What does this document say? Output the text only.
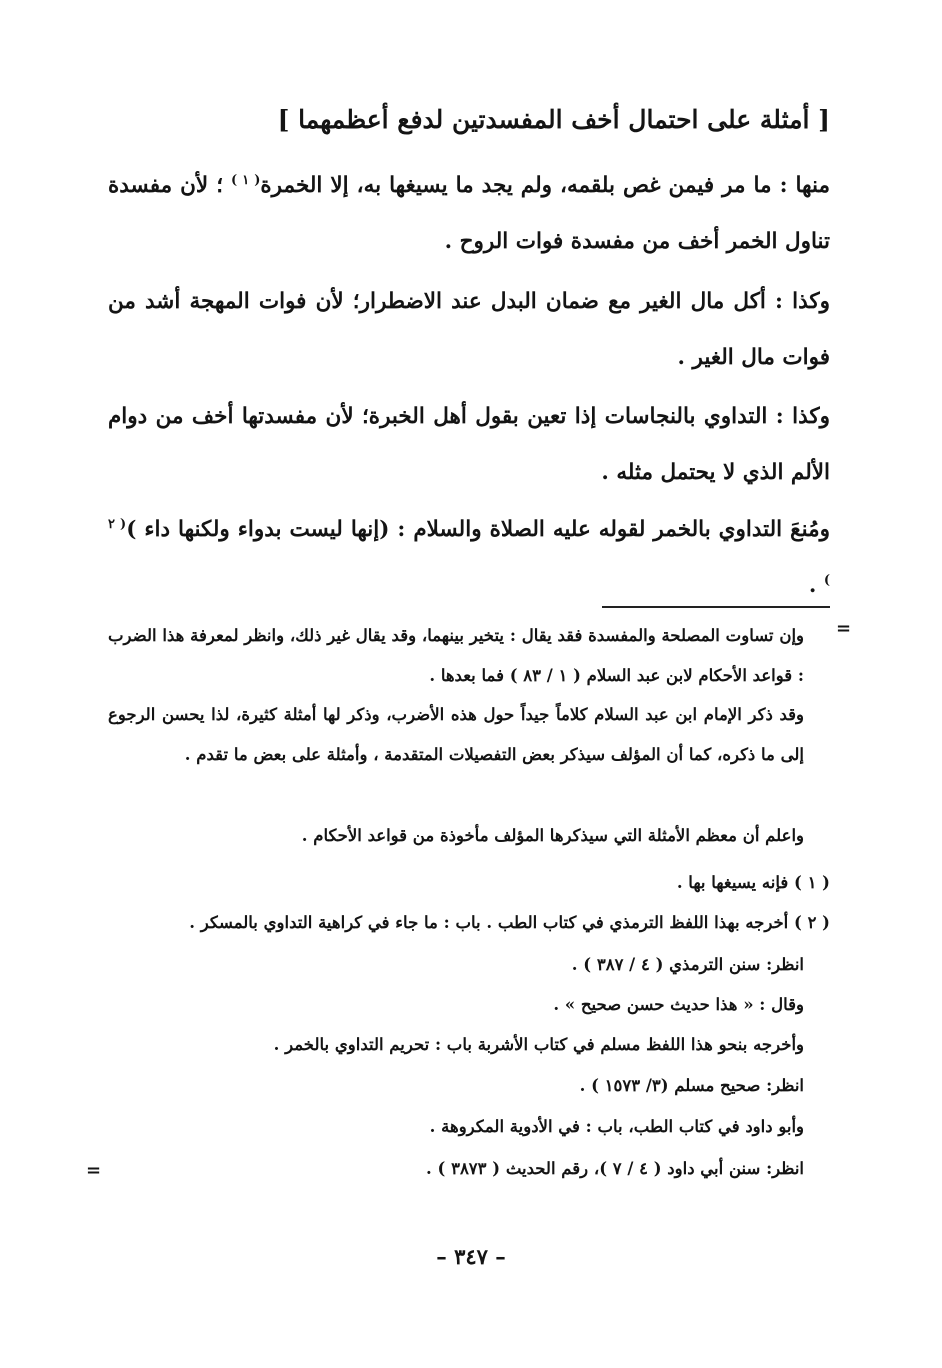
[ أمثلة على احتمال أخف المفسدتين لدفع أعظمهما ]
منها : ما مر فيمن غص بلقمه، ولم يجد ما يسيغها به، إلا الخمرة$^{( ١ )}$ ؛ لأن مفسدة تناول الخمر أخف من مفسدة فوات الروح .
وكذا : أكل مال الغير مع ضمان البدل عند الاضطرار؛ لأن فوات المهجة أشد من فوات مال الغير .
وكذا : التداوي بالنجاسات إذا تعين بقول أهل الخبرة؛ لأن مفسدتها أخف من دوام الألم الذي لا يحتمل مثله .
ومُنعَ التداوي بالخمر لقوله عليه الصلاة والسلام : (إنها ليست بدواء ولكنها داء )$^{( ٢ )}$ .
=
وإن تساوت المصلحة والمفسدة فقد يقال : يتخير بينهما، وقد يقال غير ذلك، وانظر لمعرفة هذا الضرب : قواعد الأحكام لابن عبد السلام ( ١ / ٨٣ ) فما بعدها .
وقد ذكر الإمام ابن عبد السلام كلاماً جيداً حول هذه الأضرب، وذكر لها أمثلة كثيرة، لذا يحسن الرجوع إلى ما ذكره، كما أن المؤلف سيذكر بعض التفصيلات المتقدمة ، وأمثلة على بعض ما تقدم .
واعلم أن معظم الأمثلة التي سيذكرها المؤلف مأخوذة من قواعد الأحكام .
( ١ ) فإنه يسيغها بها .
( ٢ ) أخرجه بهذا اللفظ الترمذي في كتاب الطب . باب : ما جاء في كراهية التداوي بالمسكر .
انظر: سنن الترمذي ( ٤ / ٣٨٧ ) .
وقال : « هذا حديث حسن صحيح » .
وأخرجه بنحو هذا اللفظ مسلم في كتاب الأشربة باب : تحريم التداوي بالخمر .
انظر: صحيح مسلم (٣/ ١٥٧٣ ) .
وأبو داود في كتاب الطب، باب : في الأدوية المكروهة .
انظر: سنن أبي داود ( ٤ / ٧ )، رقم الحديث ( ٣٨٧٣ ) .
=
– ٣٤٧ –
